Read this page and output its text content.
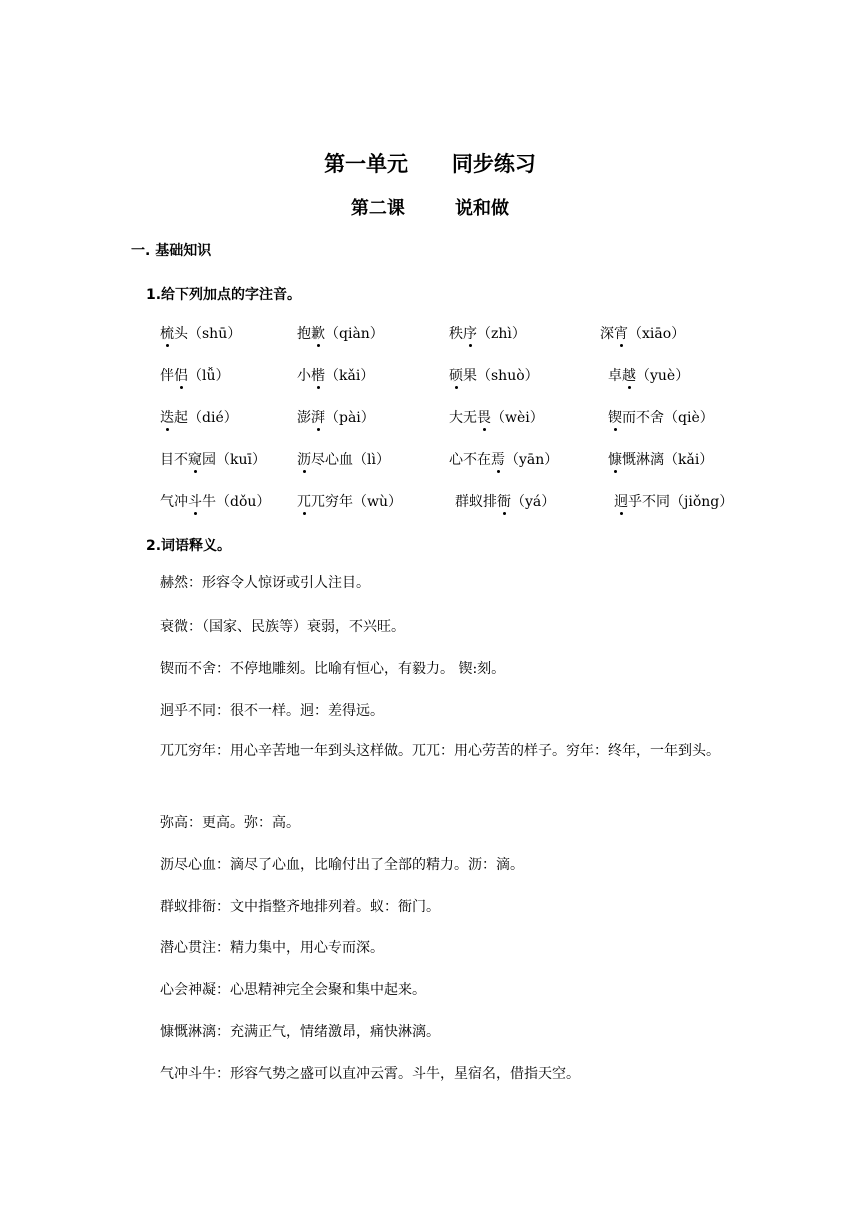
第一单元      同步练习
第二课        说和做
一. 基础知识
1.给下列加点的字注音。
梳头（shū）	抱歉（qiàn）	秩序（zhì）	深宵（xiāo）
伴侣（lǚ）	小楷（kǎi）	硕果（shuò）	卓越（yuè）
迭起（dié）	澎湃（pài）	大无畏（wèi）	锲而不舍（qiè）
目不窥园（kuī） 沥尽心血（lì）	心不在焉（yān）	慷慨淋漓（kǎi）
气冲斗牛（dǒu） 兀兀穷年（wù）	群蚁排衙（yá）	迥乎不同（jiǒng）
2.词语释义。
赫然：形容令人惊讶或引人注目。
衰微：（国家、民族等）衰弱，不兴旺。
锲而不舍：不停地雕刻。比喻有恒心，有毅力。 锲:刻。
迥乎不同：很不一样。迥：差得远。
兀兀穷年：用心辛苦地一年到头这样做。兀兀：用心劳苦的样子。穷年：终年，一年到头。
弥高：更高。弥：高。
沥尽心血：滴尽了心血，比喻付出了全部的精力。沥：滴。
群蚁排衙：文中指整齐地排列着。蚁：衙门。
潜心贯注：精力集中，用心专而深。
心会神凝：心思精神完全会聚和集中起来。
慷慨淋漓：充满正气，情绪激昂，痛快淋漓。
气冲斗牛：形容气势之盛可以直冲云霄。斗牛，星宿名，借指天空。
